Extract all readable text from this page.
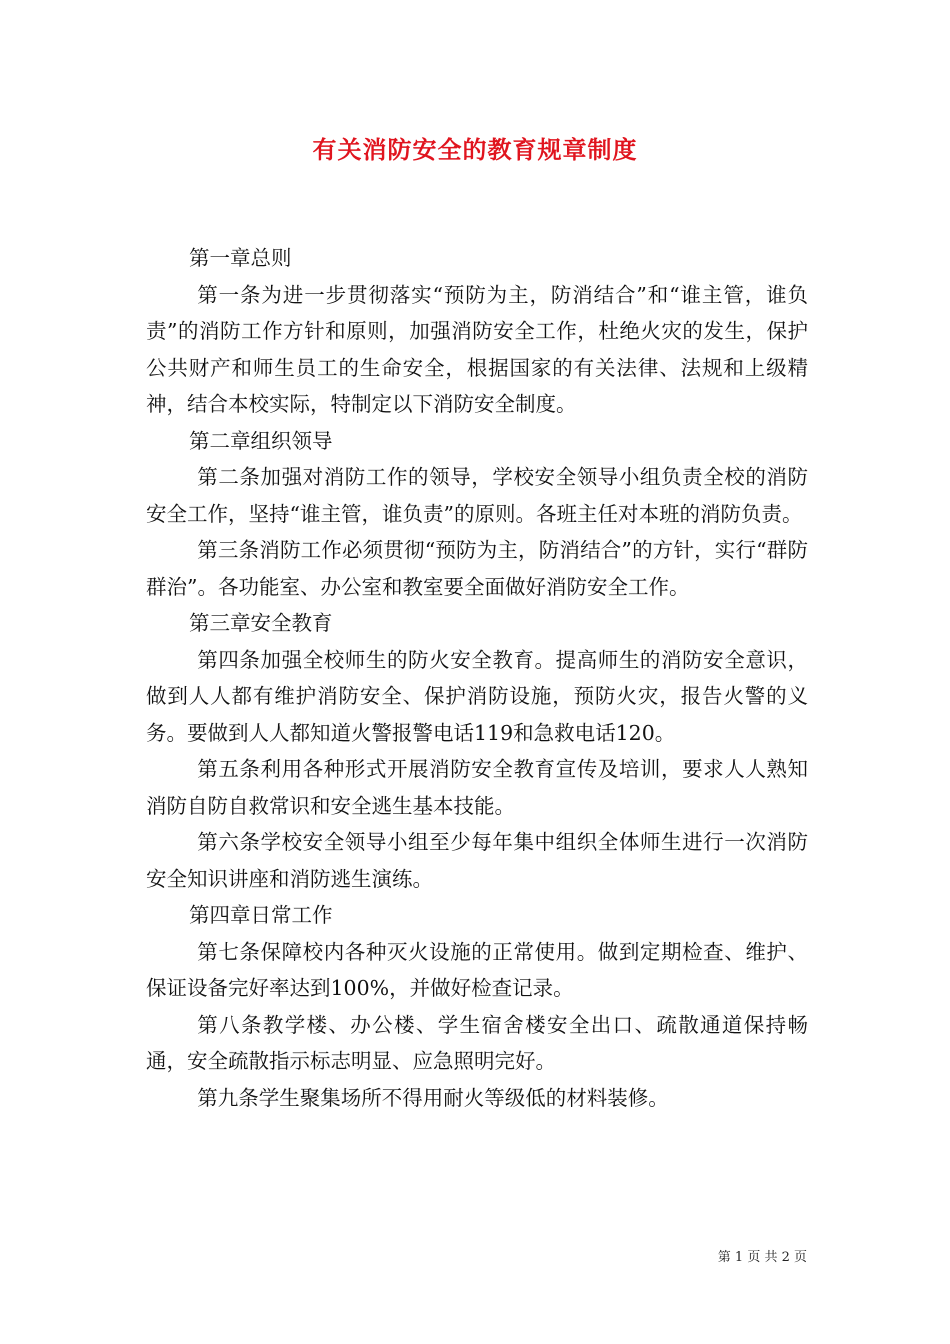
有关消防安全的教育规章制度

第一章总则

第一条为进一步贯彻落实“预防为主，防消结合”和“谁主管，谁负责”的消防工作方针和原则，加强消防安全工作，杜绝火灾的发生，保护公共财产和师生员工的生命安全，根据国家的有关法律、法规和上级精神，结合本校实际，特制定以下消防安全制度。

第二章组织领导

第二条加强对消防工作的领导，学校安全领导小组负责全校的消防安全工作，坚持“谁主管，谁负责”的原则。各班主任对本班的消防负责。

第三条消防工作必须贯彻“预防为主，防消结合”的方针，实行“群防群治”。各功能室、办公室和教室要全面做好消防安全工作。

第三章安全教育

第四条加强全校师生的防火安全教育。提高师生的消防安全意识，做到人人都有维护消防安全、保护消防设施，预防火灾，报告火警的义务。要做到人人都知道火警报警电话119和急救电话120。

第五条利用各种形式开展消防安全教育宣传及培训，要求人人熟知消防自防自救常识和安全逃生基本技能。

第六条学校安全领导小组至少每年集中组织全体师生进行一次消防安全知识讲座和消防逃生演练。

第四章日常工作

第七条保障校内各种灭火设施的正常使用。做到定期检查、维护、保证设备完好率达到100%，并做好检查记录。

第八条教学楼、办公楼、学生宿舍楼安全出口、疏散通道保持畅通，安全疏散指示标志明显、应急照明完好。

第九条学生聚集场所不得用耐火等级低的材料装修。

第 1 页 共 2 页
